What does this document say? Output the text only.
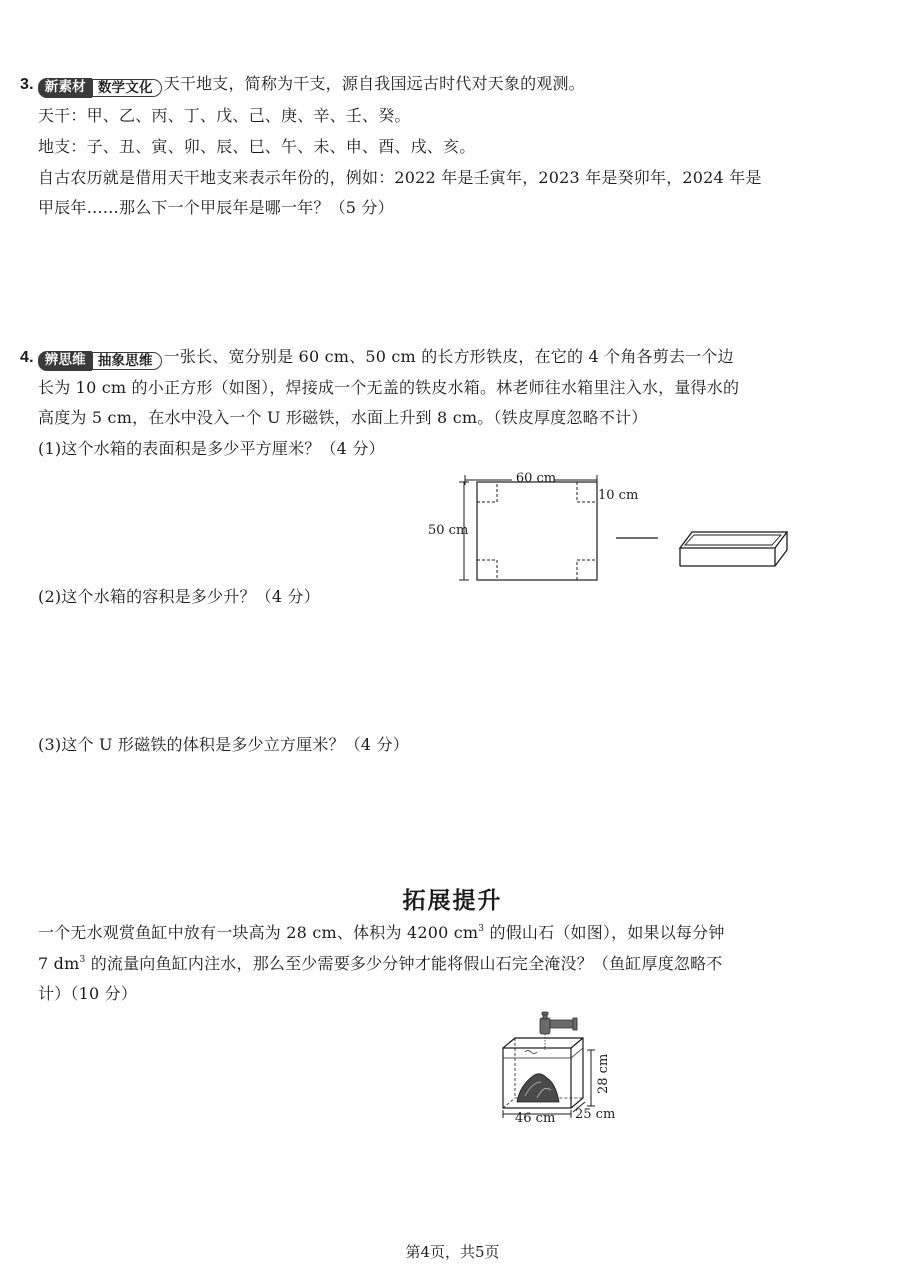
3. 新素材 数学文化 天干地支，简称为干支，源自我国远古时代对天象的观测。
天干：甲、乙、丙、丁、戊、己、庚、辛、壬、癸。
地支：子、丑、寅、卯、辰、巳、午、未、申、酉、戌、亥。
自古农历就是借用天干地支来表示年份的，例如：2022 年是壬寅年，2023 年是癸卯年，2024 年是
甲辰年……那么下一个甲辰年是哪一年？（5 分）
4. 辨思维 抽象思维 一张长、宽分别是 60 cm、50 cm 的长方形铁皮，在它的 4 个角各剪去一个边
长为 10 cm 的小正方形（如图），焊接成一个无盖的铁皮水箱。林老师往水箱里注入水，量得水的
高度为 5 cm，在水中没入一个 U 形磁铁，水面上升到 8 cm。（铁皮厚度忽略不计）
(1)这个水箱的表面积是多少平方厘米？（4 分）
60 cm
50 cm
10 cm
(2)这个水箱的容积是多少升？（4 分）
(3)这个 U 形磁铁的体积是多少立方厘米？（4 分）
拓展提升
一个无水观赏鱼缸中放有一块高为 28 cm、体积为 4200 $cm^3$ 的假山石（如图），如果以每分钟
7 $dm^3$ 的流量向鱼缸内注水，那么至少需要多少分钟才能将假山石完全淹没？（鱼缸厚度忽略不
计）（10 分）
28 cm
46 cm 25 cm
第4页，共5页
